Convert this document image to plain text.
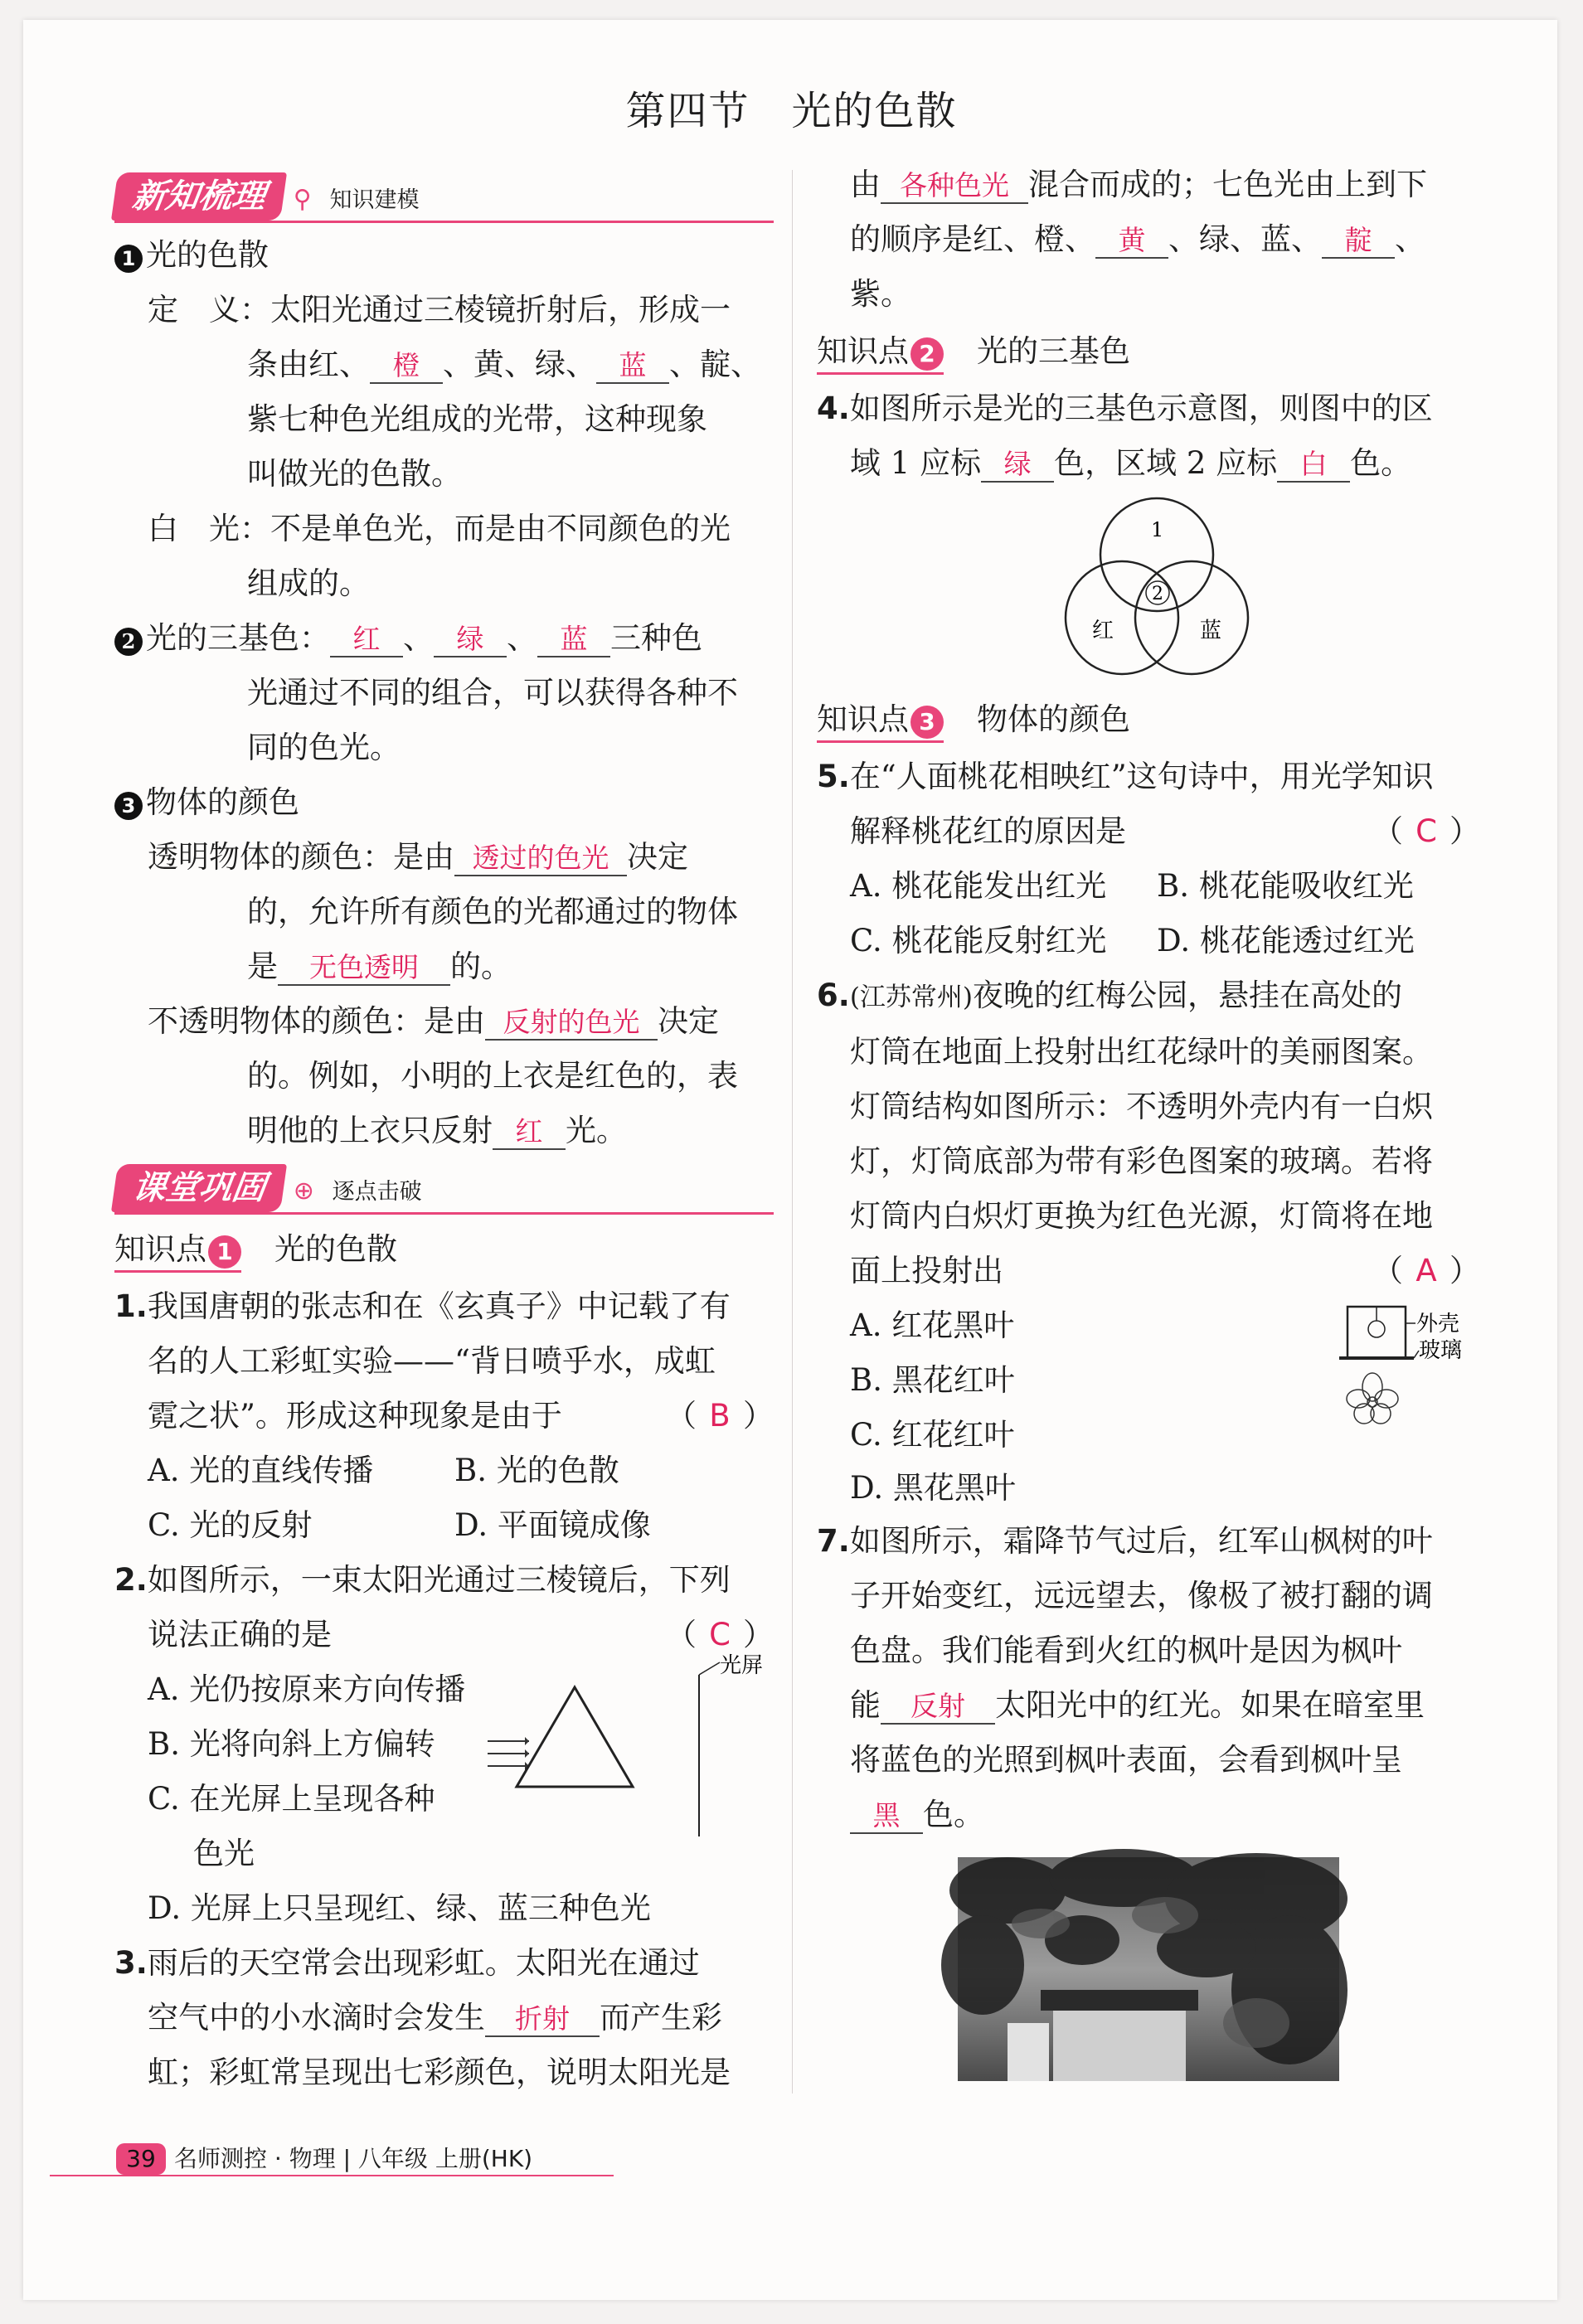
第四节　光的色散
新知梳理 ⚲ 知识建模

1 光的色散

定　义：太阳光通过三棱镜折射后，形成一

条由红、 橙 、黄、绿、 蓝 、靛、

紫七种色光组成的光带，这种现象

叫做光的色散。

白　光：不是单色光，而是由不同颜色的光

组成的。

2 光的三基色： 红 、 绿 、 蓝 三种色

光通过不同的组合，可以获得各种不

同的色光。

3 物体的颜色

透明物体的颜色：是由 透过的色光 决定

的，允许所有颜色的光都通过的物体

是 无色透明 的。

不透明物体的颜色：是由 反射的色光 决定

的。例如，小明的上衣是红色的，表

明他的上衣只反射 红 光。

课堂巩固 ⊕ 逐点击破

知识点 1 光的色散

1.我国唐朝的张志和在《玄真子》中记载了有

名的人工彩虹实验——“背日喷乎水，成虹

霓之状”。形成这种现象是由于	（ B ）

A. 光的直线传播	B. 光的色散

C. 光的反射	D. 平面镜成像

2.如图所示，一束太阳光通过三棱镜后，下列

说法正确的是	（ C ）

A. 光仍按原来方向传播

B. 光将向斜上方偏转

C. 在光屏上呈现各种

色光

D. 光屏上只呈现红、绿、蓝三种色光

光屏

3.雨后的天空常会出现彩虹。太阳光在通过

空气中的小水滴时会发生 折射 而产生彩

虹；彩虹常呈现出七彩颜色，说明太阳光是

由 各种色光 混合而成的；七色光由上到下

的顺序是红、橙、 黄 、绿、蓝、 靛 、紫。

知识点 2 光的三基色

4.如图所示是光的三基色示意图，则图中的区

域 1 应标 绿 色，区域 2 应标 白 色。

1
2
红	蓝

知识点 3 物体的颜色

5.在“人面桃花相映红”这句诗中，用光学知识

解释桃花红的原因是	（ C ）

A. 桃花能发出红光 B. 桃花能吸收红光

C. 桃花能反射红光 D. 桃花能透过红光

6.(江苏常州)夜晚的红梅公园，悬挂在高处的

灯筒在地面上投射出红花绿叶的美丽图案。

灯筒结构如图所示：不透明外壳内有一白炽

灯，灯筒底部为带有彩色图案的玻璃。若将

灯筒内白炽灯更换为红色光源，灯筒将在地

面上投射出	（ A ）

A. 红花黑叶

B. 黑花红叶

C. 红花红叶

D. 黑花黑叶

外壳
玻璃

7.如图所示，霜降节气过后，红军山枫树的叶

子开始变红，远远望去，像极了被打翻的调

色盘。我们能看到火红的枫叶是因为枫叶

能 反射 太阳光中的红光。如果在暗室里

将蓝色的光照到枫叶表面，会看到枫叶呈

黑 色。

39 名师测控 · 物理 | 八年级 上册(HK)
